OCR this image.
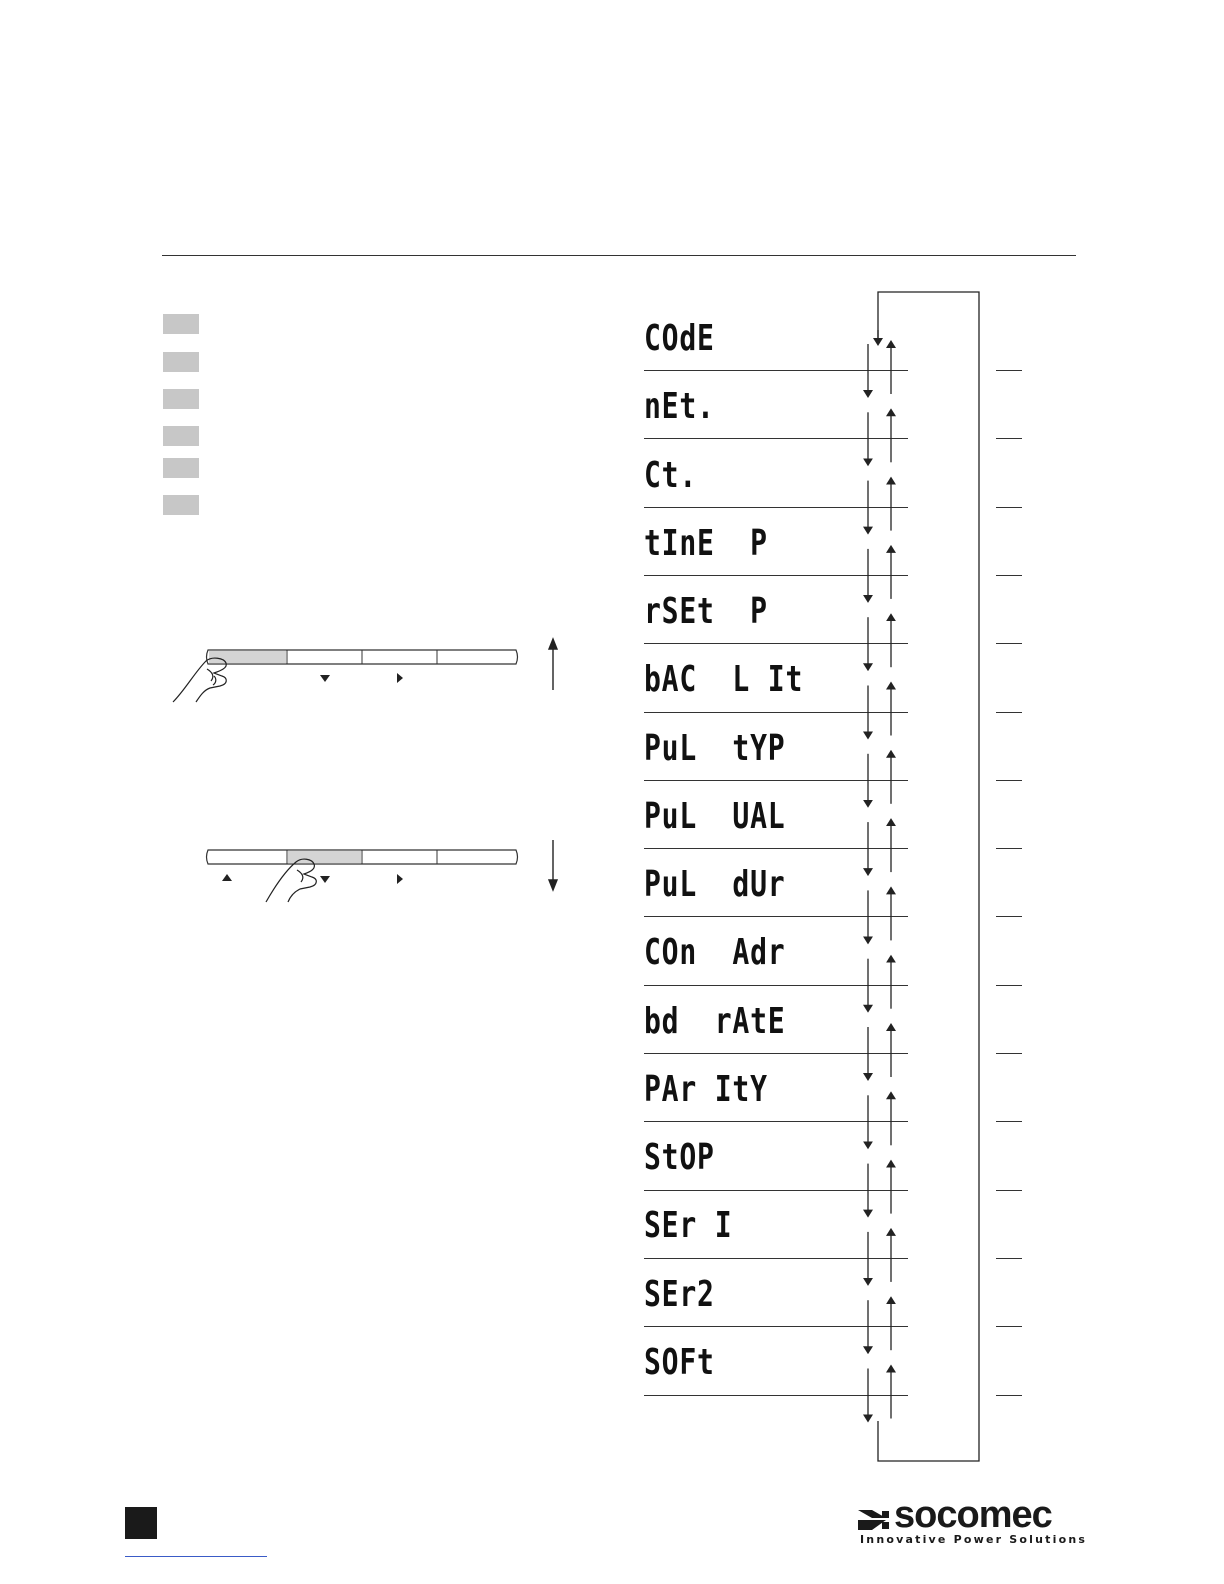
COdE
nEt.
Ct.
tInE  P
rSEt  P
bAC  L It
PuL  tYP
PuL  UAL
PuL  dUr
COn  Adr
bd  rAtE
PAr ItY
StOP
SEr I
SEr2
SOFt
socomec
Innovative Power Solutions
